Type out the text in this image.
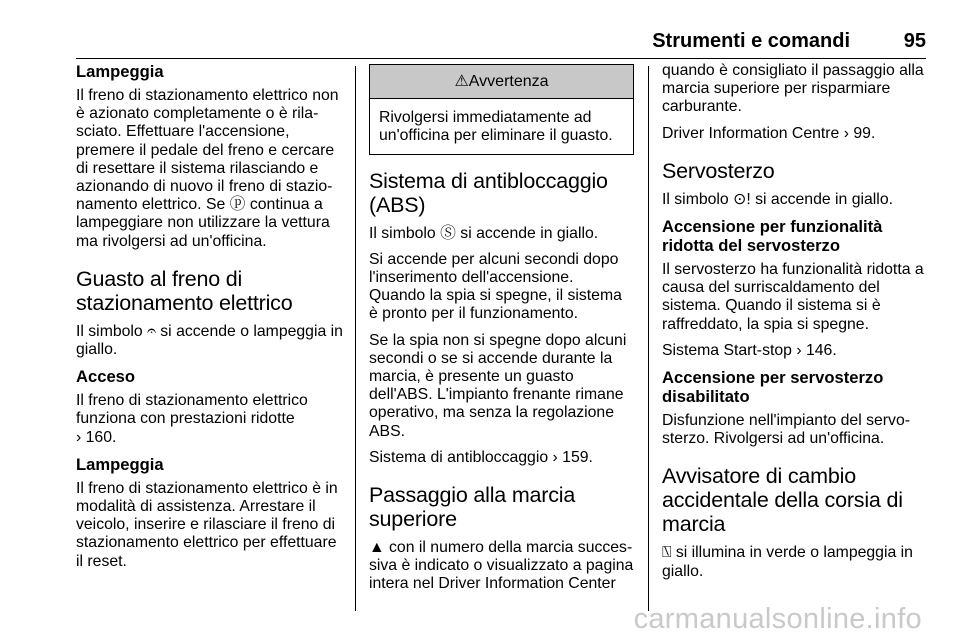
Strumenti e comandi	95
Lampeggia

Il freno di stazionamento elettrico non è azionato completamente o è rila-sciato. Effettuare l'accensione, premere il pedale del freno e cercare di resettare il sistema rilasciando e azionando di nuovo il freno di stazio-namento elettrico. Se ⓟ continua a lampeggiare non utilizzare la vettura ma rivolgersi ad un'officina.

Guasto al freno di stazionamento elettrico

Il simbolo 𝄐 si accende o lampeggia in giallo.

Acceso

Il freno di stazionamento elettrico funziona con prestazioni ridotte

› 160.

Lampeggia

Il freno di stazionamento elettrico è in modalità di assistenza. Arrestare il veicolo, inserire e rilasciare il freno di stazionamento elettrico per effettuare il reset.

⚠Avvertenza
Rivolgersi immediatamente ad un'officina per eliminare il guasto.
Sistema di antibloccaggio (ABS)

Il simbolo Ⓢ si accende in giallo.

Si accende per alcuni secondi dopo l'inserimento dell'accensione. Quando la spia si spegne, il sistema è pronto per il funzionamento.

Se la spia non si spegne dopo alcuni secondi o se si accende durante la marcia, è presente un guasto dell'ABS. L'impianto frenante rimane operativo, ma senza la regolazione ABS.

Sistema di antibloccaggio › 159.

Passaggio alla marcia superiore

▲ con il numero della marcia succes-siva è indicato o visualizzato a pagina intera nel Driver Information Center

quando è consigliato il passaggio alla marcia superiore per risparmiare carburante.

Driver Information Centre › 99.

Servosterzo

Il simbolo ⊙! si accende in giallo.

Accensione per funzionalità ridotta del servosterzo

Il servosterzo ha funzionalità ridotta a causa del surriscaldamento del sistema. Quando il sistema si è raffreddato, la spia si spegne.

Sistema Start-stop › 146.

Accensione per servosterzo disabilitato

Disfunzione nell'impianto del servo-sterzo. Rivolgersi ad un'officina.

Avvisatore di cambio accidentale della corsia di marcia

⍂ si illumina in verde o lampeggia in giallo.

carmanualsonline.info
